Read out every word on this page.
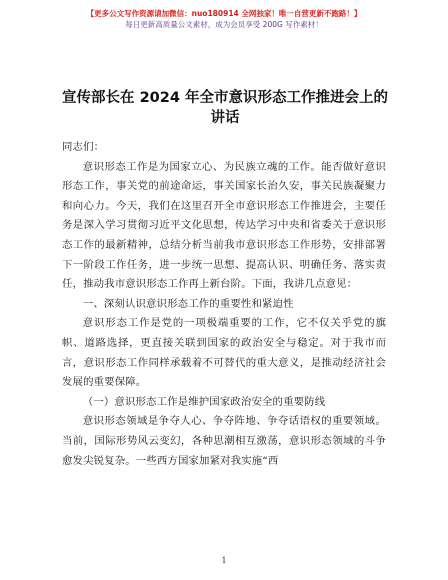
【更多公文写作资源请加微信：nuo180914 全网独家！唯一自营更新不跑路！】
每日更新高质量公文素材，成为会员享受 200G 写作素材！
宣传部长在 2024 年全市意识形态工作推进会上的讲话

同志们：

意识形态工作是为国家立心、为民族立魂的工作。能否做好意识形态工作，事关党的前途命运，事关国家长治久安，事关民族凝聚力和向心力。今天，我们在这里召开全市意识形态工作推进会，主要任务是深入学习贯彻习近平文化思想，传达学习中央和省委关于意识形态工作的最新精神，总结分析当前我市意识形态工作形势，安排部署下一阶段工作任务，进一步统一思想、提高认识、明确任务、落实责任，推动我市意识形态工作再上新台阶。下面，我讲几点意见：

一、深刻认识意识形态工作的重要性和紧迫性

意识形态工作是党的一项极端重要的工作，它不仅关乎党的旗帜、道路选择，更直接关联到国家的政治安全与稳定。对于我市而言，意识形态工作同样承载着不可替代的重大意义，是推动经济社会发展的重要保障。

（一）意识形态工作是维护国家政治安全的重要防线

意识形态领域是争夺人心、争夺阵地、争夺话语权的重要领域。当前，国际形势风云变幻，各种思潮相互激荡，意识形态领域的斗争愈发尖锐复杂。一些西方国家加紧对我实施“西

1
